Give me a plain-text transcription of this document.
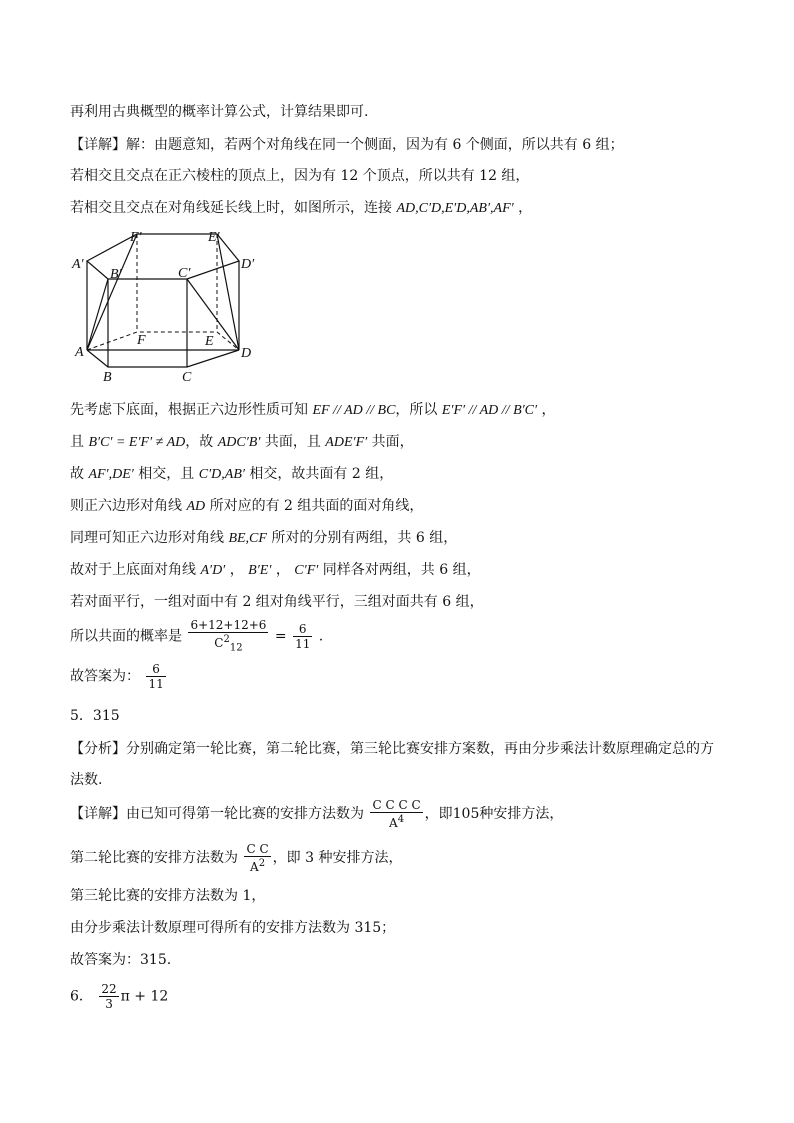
再利用古典概型的概率计算公式，计算结果即可.
【详解】解：由题意知，若两个对角线在同一个侧面，因为有 6 个侧面，所以共有 6 组；
若相交且交点在正六棱柱的顶点上，因为有 12 个顶点，所以共有 12 组，
若相交且交点在对角线延长线上时，如图所示，连接 AD,C′D,E′D,AB′,AF′ ，
F′	E′
A′	D′
B′	C′
A
F	E
D
B	C
先考虑下底面，根据正六边形性质可知 EF // AD // BC，所以 E′F′ // AD // B′C′ ，
且 B′C′ = E′F′ ≠ AD，故 ADC′B′ 共面，且 ADE′F′ 共面，
故 AF′,DE′ 相交，且 C′D,AB′ 相交，故共面有 2 组，
则正六边形对角线 AD 所对应的有 2 组共面的面对角线，
同理可知正六边形对角线 BE,CF 所对的分别有两组，共 6 组，
故对于上底面对角线 A′D′ ， B′E′ ， C′F′ 同样各对两组，共 6 组，
若对面平行，一组对面中有 2 组对角线平行，三组对面共有 6 组，
所以共面的概率是 $\frac{6+12+12+6}{C^2_{12}} = \frac{6}{11}$ .
故答案为： $\frac{6}{11}$
5．315
【分析】分别确定第一轮比赛，第二轮比赛，第三轮比赛安排方案数，再由分步乘法计数原理确定总的方
法数.
【详解】由已知可得第一轮比赛的安排方法数为 $\frac{\text{C C C C}}{A^4}$ ，即105种安排方法，
第二轮比赛的安排方法数为 $\frac{\text{C C}}{A^2}$ ，即 3 种安排方法，
第三轮比赛的安排方法数为 1，
由分步乘法计数原理可得所有的安排方法数为 315；
故答案为：315.
6． $\frac{22}{3}$ π + 12
